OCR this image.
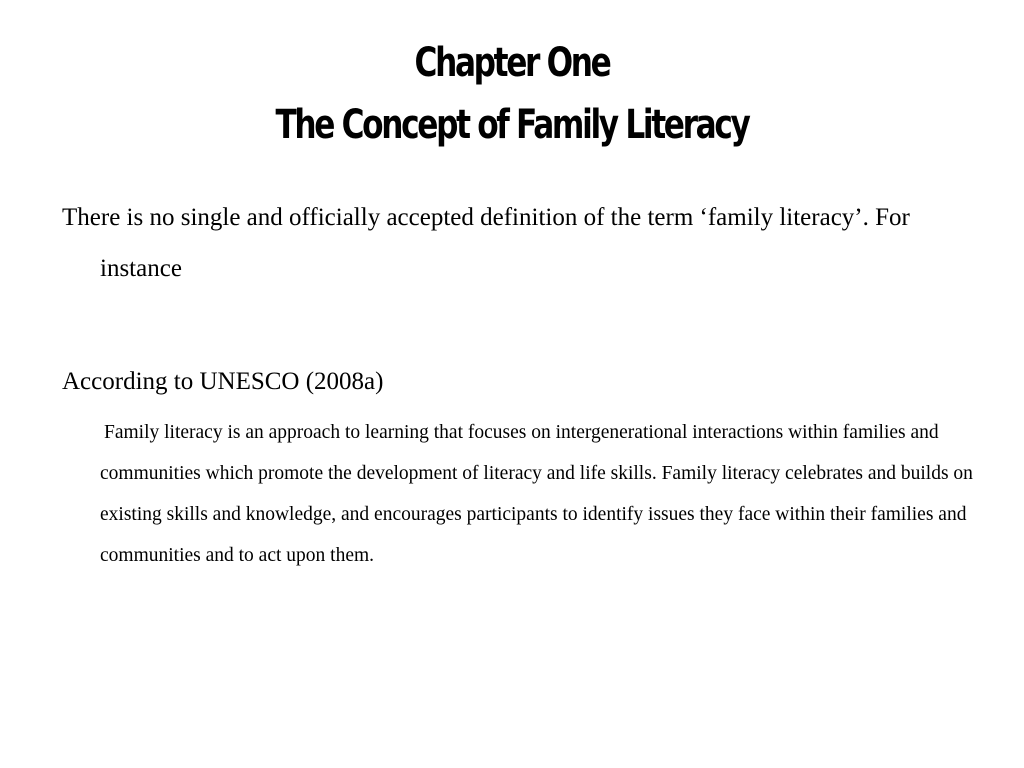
Chapter One
The Concept of Family Literacy

There is no single and officially accepted definition of the term ‘family literacy’. For instance

According to UNESCO (2008a)

Family literacy is an approach to learning that focuses on intergenerational interactions within families and communities which promote the development of literacy and life skills. Family literacy celebrates and builds on existing skills and knowledge, and encourages participants to identify issues they face within their families and communities and to act upon them.
